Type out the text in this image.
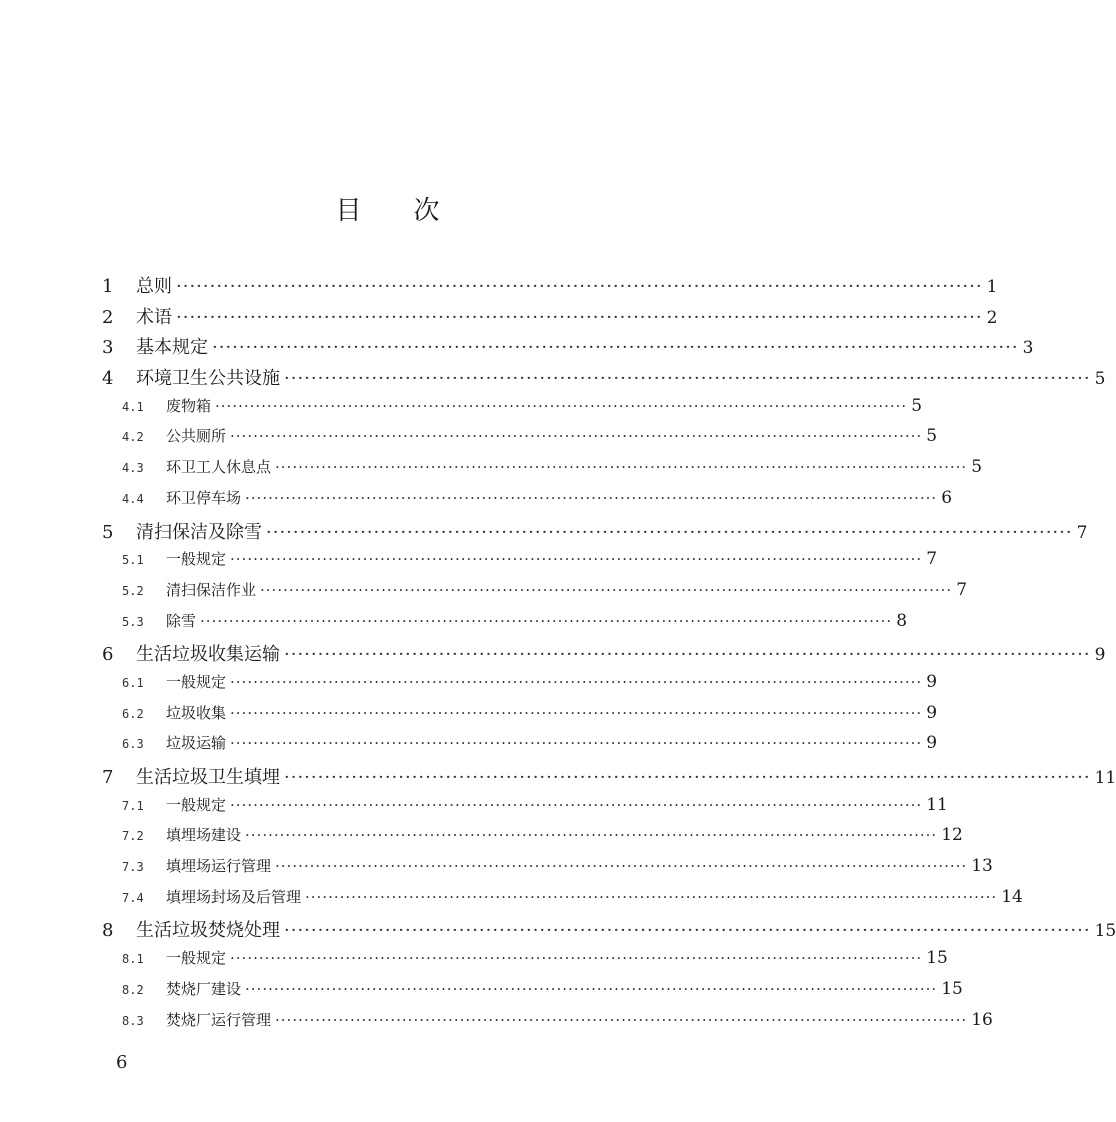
目次
1	总则 ························································································································ 1
2	术语 ························································································································ 2
3	基本规定 ························································································································ 3
4	环境卫生公共设施 ························································································································ 5
4.1	废物箱 ························································································································ 5
4.2	公共厕所 ························································································································ 5
4.3	环卫工人休息点 ························································································································ 5
4.4	环卫停车场 ························································································································ 6
5	清扫保洁及除雪 ························································································································ 7
5.1	一般规定 ························································································································ 7
5.2	清扫保洁作业 ························································································································ 7
5.3	除雪 ························································································································ 8
6	生活垃圾收集运输 ························································································································ 9
6.1	一般规定 ························································································································ 9
6.2	垃圾收集 ························································································································ 9
6.3	垃圾运输 ························································································································ 9
7	生活垃圾卫生填埋 ························································································································ 11
7.1	一般规定 ························································································································ 11
7.2	填埋场建设 ························································································································ 12
7.3	填埋场运行管理 ························································································································ 13
7.4	填埋场封场及后管理 ························································································································ 14
8	生活垃圾焚烧处理 ························································································································ 15
8.1	一般规定 ························································································································ 15
8.2	焚烧厂建设 ························································································································ 15
8.3	焚烧厂运行管理 ························································································································ 16
6
